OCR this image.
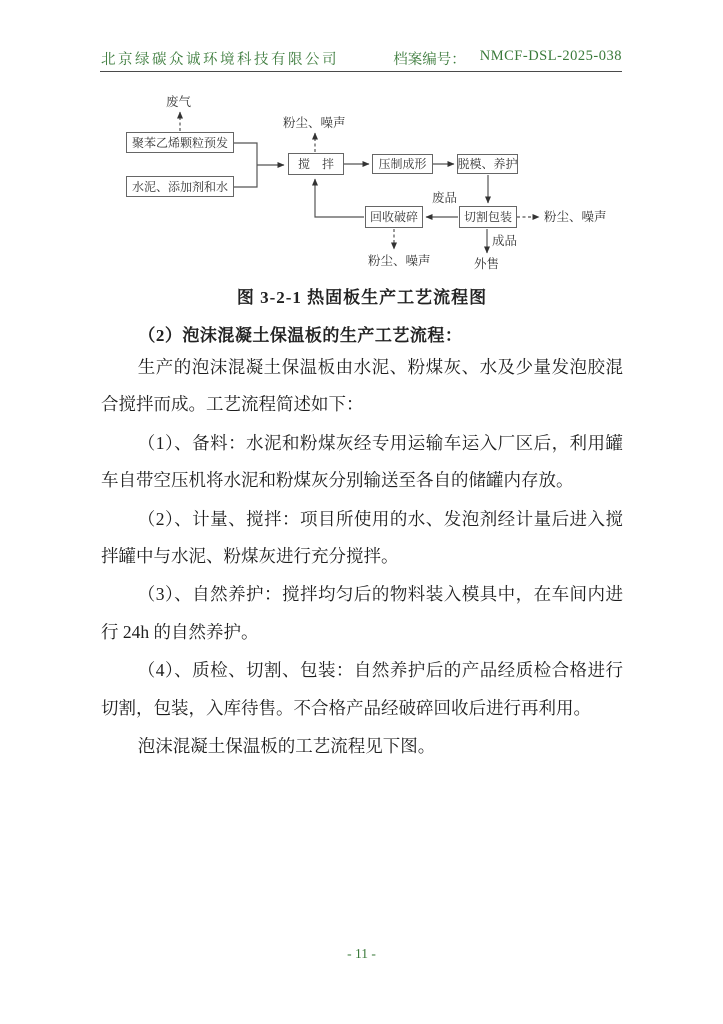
北京绿碳众诚环境科技有限公司	档案编号： NMCF-DSL-2025-038
聚苯乙烯颗粒预发
水泥、添加剂和水
搅　拌	压制成形	脱模、养护
回收破碎	切割包装
废气
粉尘、噪声
废品
粉尘、噪声
成品
外售
粉尘、噪声
图 3-2-1 热固板生产工艺流程图
（2）泡沫混凝土保温板的生产工艺流程：

生产的泡沫混凝土保温板由水泥、粉煤灰、水及少量发泡胶混合搅拌而成。工艺流程简述如下：

（1）、备料：水泥和粉煤灰经专用运输车运入厂区后，利用罐车自带空压机将水泥和粉煤灰分别输送至各自的储罐内存放。

（2）、计量、搅拌：项目所使用的水、发泡剂经计量后进入搅拌罐中与水泥、粉煤灰进行充分搅拌。

（3）、自然养护：搅拌均匀后的物料装入模具中，在车间内进行 24h 的自然养护。

（4）、质检、切割、包装：自然养护后的产品经质检合格进行切割，包装，入库待售。不合格产品经破碎回收后进行再利用。

泡沫混凝土保温板的工艺流程见下图。

- 11 -
